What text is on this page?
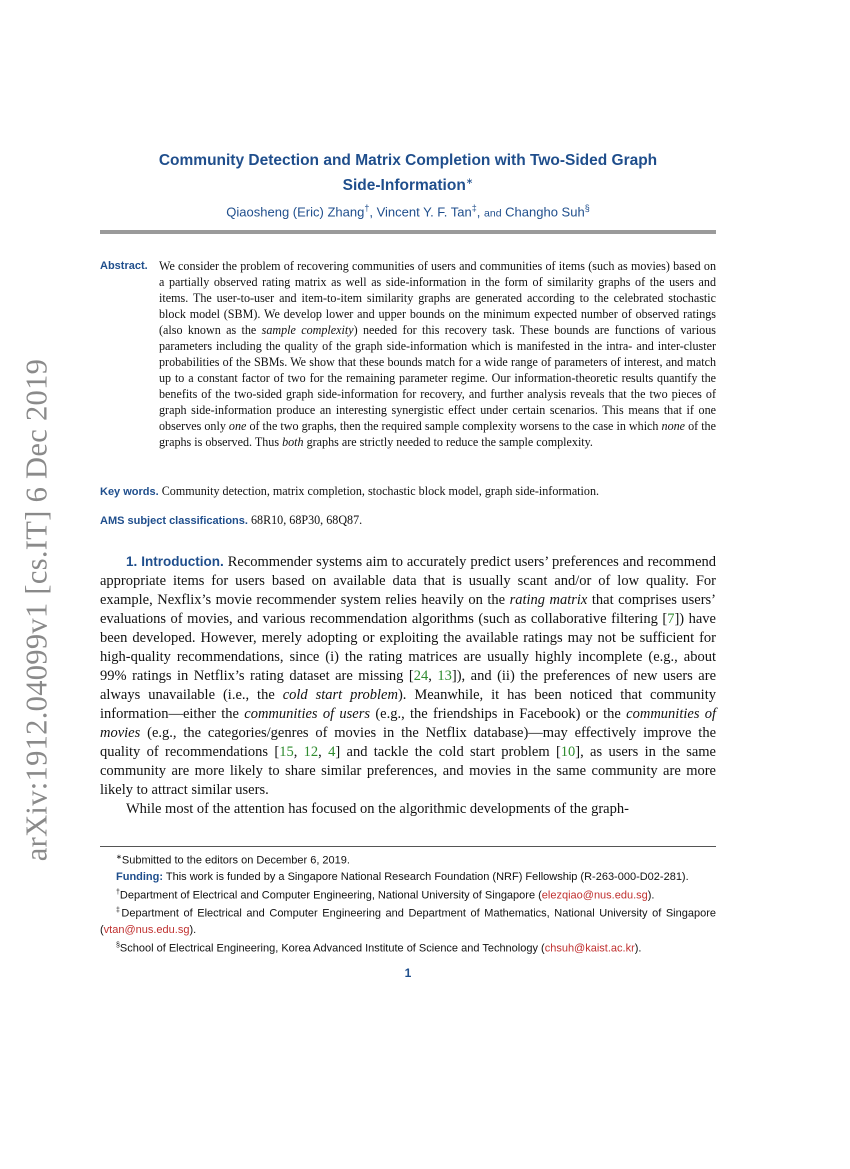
arXiv:1912.04099v1 [cs.IT] 6 Dec 2019
Community Detection and Matrix Completion with Two-Sided Graph
Side-Information∗
Qiaosheng (Eric) Zhang†, Vincent Y. F. Tan‡, and Changho Suh§
Abstract. We consider the problem of recovering communities of users and communities of items (such as movies) based on a partially observed rating matrix as well as side-information in the form of similarity graphs of the users and items. The user-to-user and item-to-item similarity graphs are generated according to the celebrated stochastic block model (SBM). We develop lower and upper bounds on the minimum expected number of observed ratings (also known as the sample complexity) needed for this recovery task. These bounds are functions of various parameters including the quality of the graph side-information which is manifested in the intra- and inter-cluster probabilities of the SBMs. We show that these bounds match for a wide range of parameters of interest, and match up to a constant factor of two for the remaining parameter regime. Our information-theoretic results quantify the benefits of the two-sided graph side-information for recovery, and further analysis reveals that the two pieces of graph side-information produce an interesting synergistic effect under certain scenarios. This means that if one observes only one of the two graphs, then the required sample complexity worsens to the case in which none of the graphs is observed. Thus both graphs are strictly needed to reduce the sample complexity.
Key words. Community detection, matrix completion, stochastic block model, graph side-information.
AMS subject classifications. 68R10, 68P30, 68Q87.

1. Introduction. Recommender systems aim to accurately predict users’ preferences and recommend appropriate items for users based on available data that is usually scant and/or of low quality. For example, Nexflix’s movie recommender system relies heavily on the rating matrix that comprises users’ evaluations of movies, and various recommendation algorithms (such as collaborative filtering [7]) have been developed. However, merely adopting or exploiting the available ratings may not be sufficient for high-quality recommendations, since (i) the rating matrices are usually highly incomplete (e.g., about 99% ratings in Netflix’s rating dataset are missing [24, 13]), and (ii) the preferences of new users are always unavailable (i.e., the cold start problem). Meanwhile, it has been noticed that community information—either the communities of users (e.g., the friendships in Facebook) or the communities of movies (e.g., the categories/genres of movies in the Netflix database)—may effectively improve the quality of recommendations [15, 12, 4] and tackle the cold start problem [10], as users in the same community are more likely to share similar preferences, and movies in the same community are more likely to attract similar users.

While most of the attention has focused on the algorithmic developments of the graph-

∗Submitted to the editors on December 6, 2019.

Funding: This work is funded by a Singapore National Research Foundation (NRF) Fellowship (R-263-000-D02-281).

†Department of Electrical and Computer Engineering, National University of Singapore (elezqiao@nus.edu.sg).

‡Department of Electrical and Computer Engineering and Department of Mathematics, National University of Singapore (vtan@nus.edu.sg).

§School of Electrical Engineering, Korea Advanced Institute of Science and Technology (chsuh@kaist.ac.kr).

1
